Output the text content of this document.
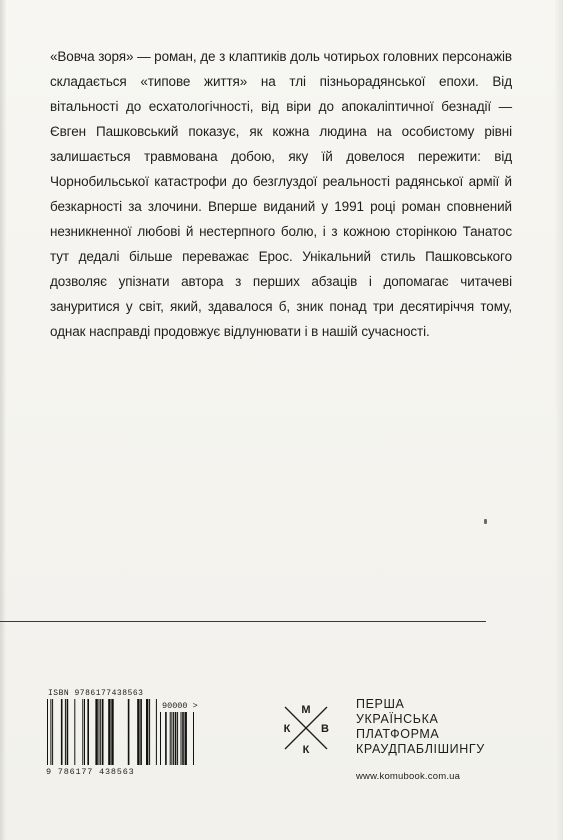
«Вовча зоря» — роман, де з клаптиків доль чотирьох головних персонажів складається «типове життя» на тлі пізньорадянської епохи. Від вітальності до есхатологічності, від віри до апокаліптичної безнадії — Євген Пашковський показує, як кожна людина на особистому рівні залишається травмована добою, яку їй довелося пережити: від Чорнобильської катастрофи до безглуздої реальності радянської армії й безкарності за злочини. Вперше виданий у 1991 році роман сповнений незникненної любові й нестерпного болю, і з кожною сторінкою Танатос тут дедалі більше переважає Ерос. Унікальний стиль Пашковського дозволяє упізнати автора з перших абзаців і допомагає читачеві зануритися у світ, який, здавалося б, зник понад три десятиріччя тому, однак насправді продовжує відлунювати і в нашій сучасності.

ISBN 9786177438563
90000 >
9 786177 438563
М
К	В
К
ПЕРША
УКРАЇНСЬКА
ПЛАТФОРМА
КРАУДПАБЛІШИНГУ
www.komubook.com.ua
